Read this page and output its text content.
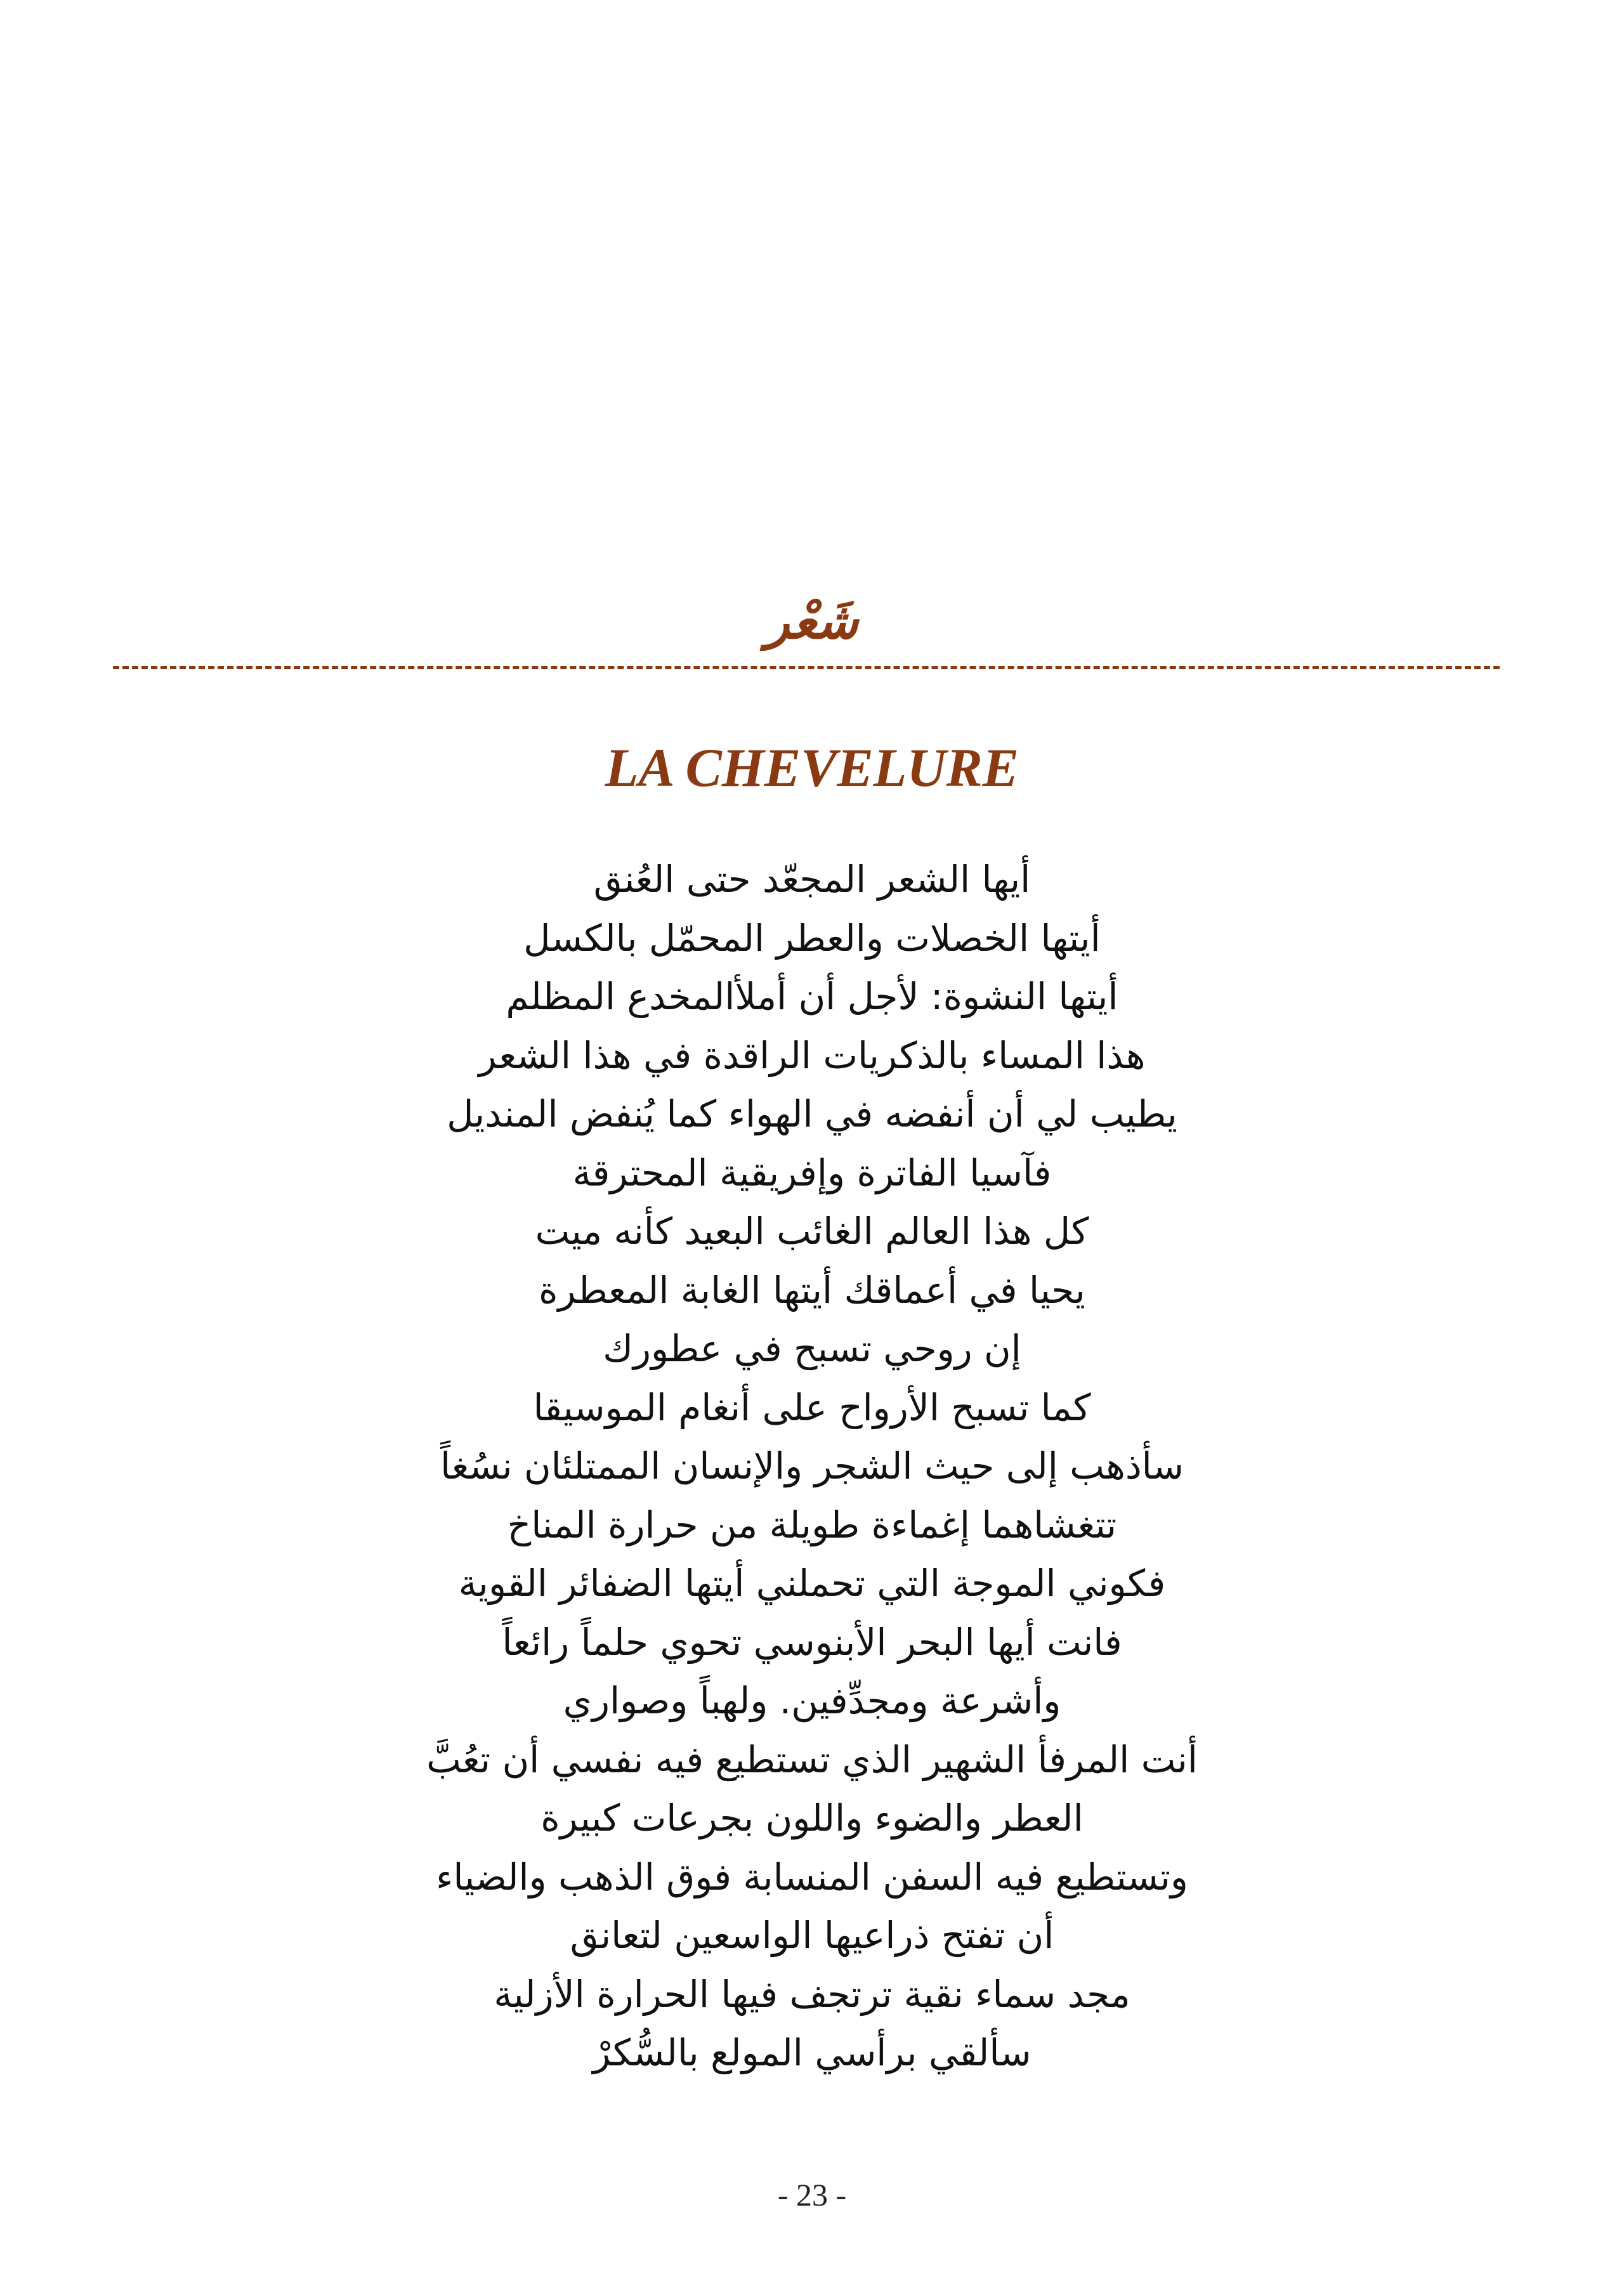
شَعْر
LA CHEVELURE
أيها الشعر المجعّد حتى العُنق
أيتها الخصلات والعطر المحمّل بالكسل
أيتها النشوة: لأجل أن أملأالمخدع المظلم
هذا المساء بالذكريات الراقدة في هذا الشعر
يطيب لي أن أنفضه في الهواء كما يُنفض المنديل
فآسيا الفاترة وإفريقية المحترقة
كل هذا العالم الغائب البعيد كأنه ميت
يحيا في أعماقك أيتها الغابة المعطرة
إن روحي تسبح في عطورك
كما تسبح الأرواح على أنغام الموسيقا
سأذهب إلى حيث الشجر والإنسان الممتلئان نسُغاً
تتغشاهما إغماءة طويلة من حرارة المناخ
فكوني الموجة التي تحملني أيتها الضفائر القوية
فانت أيها البحر الأبنوسي تحوي حلماً رائعاً
وأشرعة ومجدِّفين. ولهباً وصواري
أنت المرفأ الشهير الذي تستطيع فيه نفسي أن تعُبَّ
العطر والضوء واللون بجرعات كبيرة
وتستطيع فيه السفن المنسابة فوق الذهب والضياء
أن تفتح ذراعيها الواسعين لتعانق
مجد سماء نقية ترتجف فيها الحرارة الأزلية
سألقي برأسي المولع بالسُّكرْ
- 23 -
